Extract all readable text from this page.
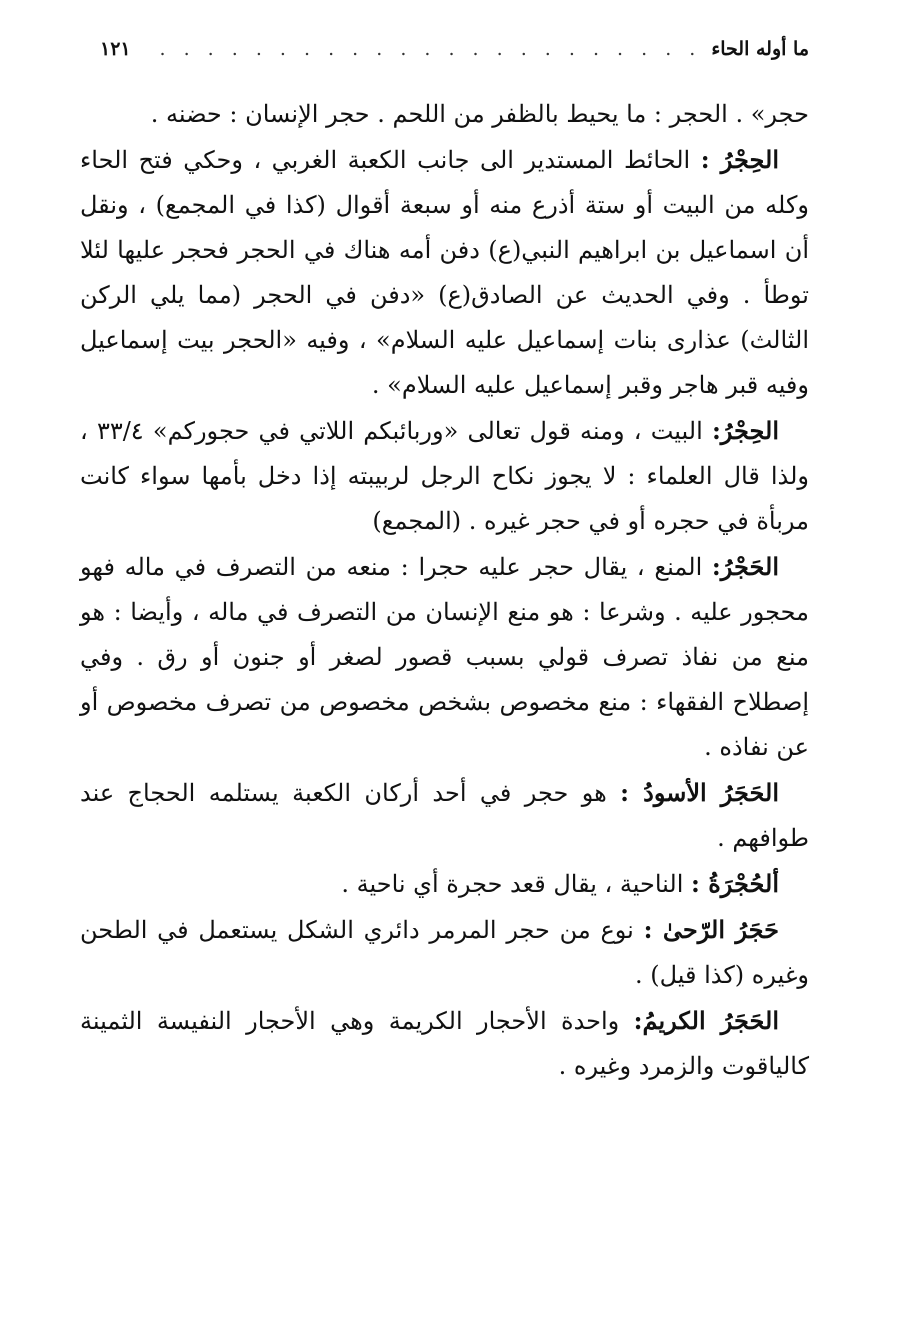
ما أوله الحاء
. . .
١٢١

حجر» . الحجر : ما يحيط بالظفر من اللحم . حجر الإنسان : حضنه .

الحِجْرُ : الحائط المستدير الى جانب الكعبة الغربي ، وحكي فتح الحاء وكله من البيت أو ستة أذرع منه أو سبعة أقوال (كذا في المجمع) ، ونقل أن اسماعيل بن ابراهيم النبي(ع) دفن أمه هناك في الحجر فحجر عليها لئلا توطأ . وفي الحديث عن الصادق(ع) «دفن في الحجر (مما يلي الركن الثالث) عذارى بنات إسماعيل عليه السلام» ، وفيه «الحجر بيت إسماعيل وفيه قبر هاجر وقبر إسماعيل عليه السلام» .

الحِجْرُ: البيت ، ومنه قول تعالى «وربائبكم اللاتي في حجوركم» ٣٣/٤ ، ولذا قال العلماء : لا يجوز نكاح الرجل لربيبته إذا دخل بأمها سواء كانت مربأة في حجره أو في حجر غيره . (المجمع)

الحَجْرُ: المنع ، يقال حجر عليه حجرا : منعه من التصرف في ماله فهو محجور عليه . وشرعا : هو منع الإنسان من التصرف في ماله ، وأيضا : هو منع من نفاذ تصرف قولي بسبب قصور لصغر أو جنون أو رق . وفي إصطلاح الفقهاء : منع مخصوص بشخص مخصوص من تصرف مخصوص أو عن نفاذه .

الحَجَرُ الأسودُ : هو حجر في أحد أركان الكعبة يستلمه الحجاج عند طوافهم .

ألحُجْرَةُ : الناحية ، يقال قعد حجرة أي ناحية .

حَجَرُ الرّحىٰ : نوع من حجر المرمر دائري الشكل يستعمل في الطحن وغيره (كذا قيل) .

الحَجَرُ الكريمُ: واحدة الأحجار الكريمة وهي الأحجار النفيسة الثمينة كالياقوت والزمرد وغيره .
